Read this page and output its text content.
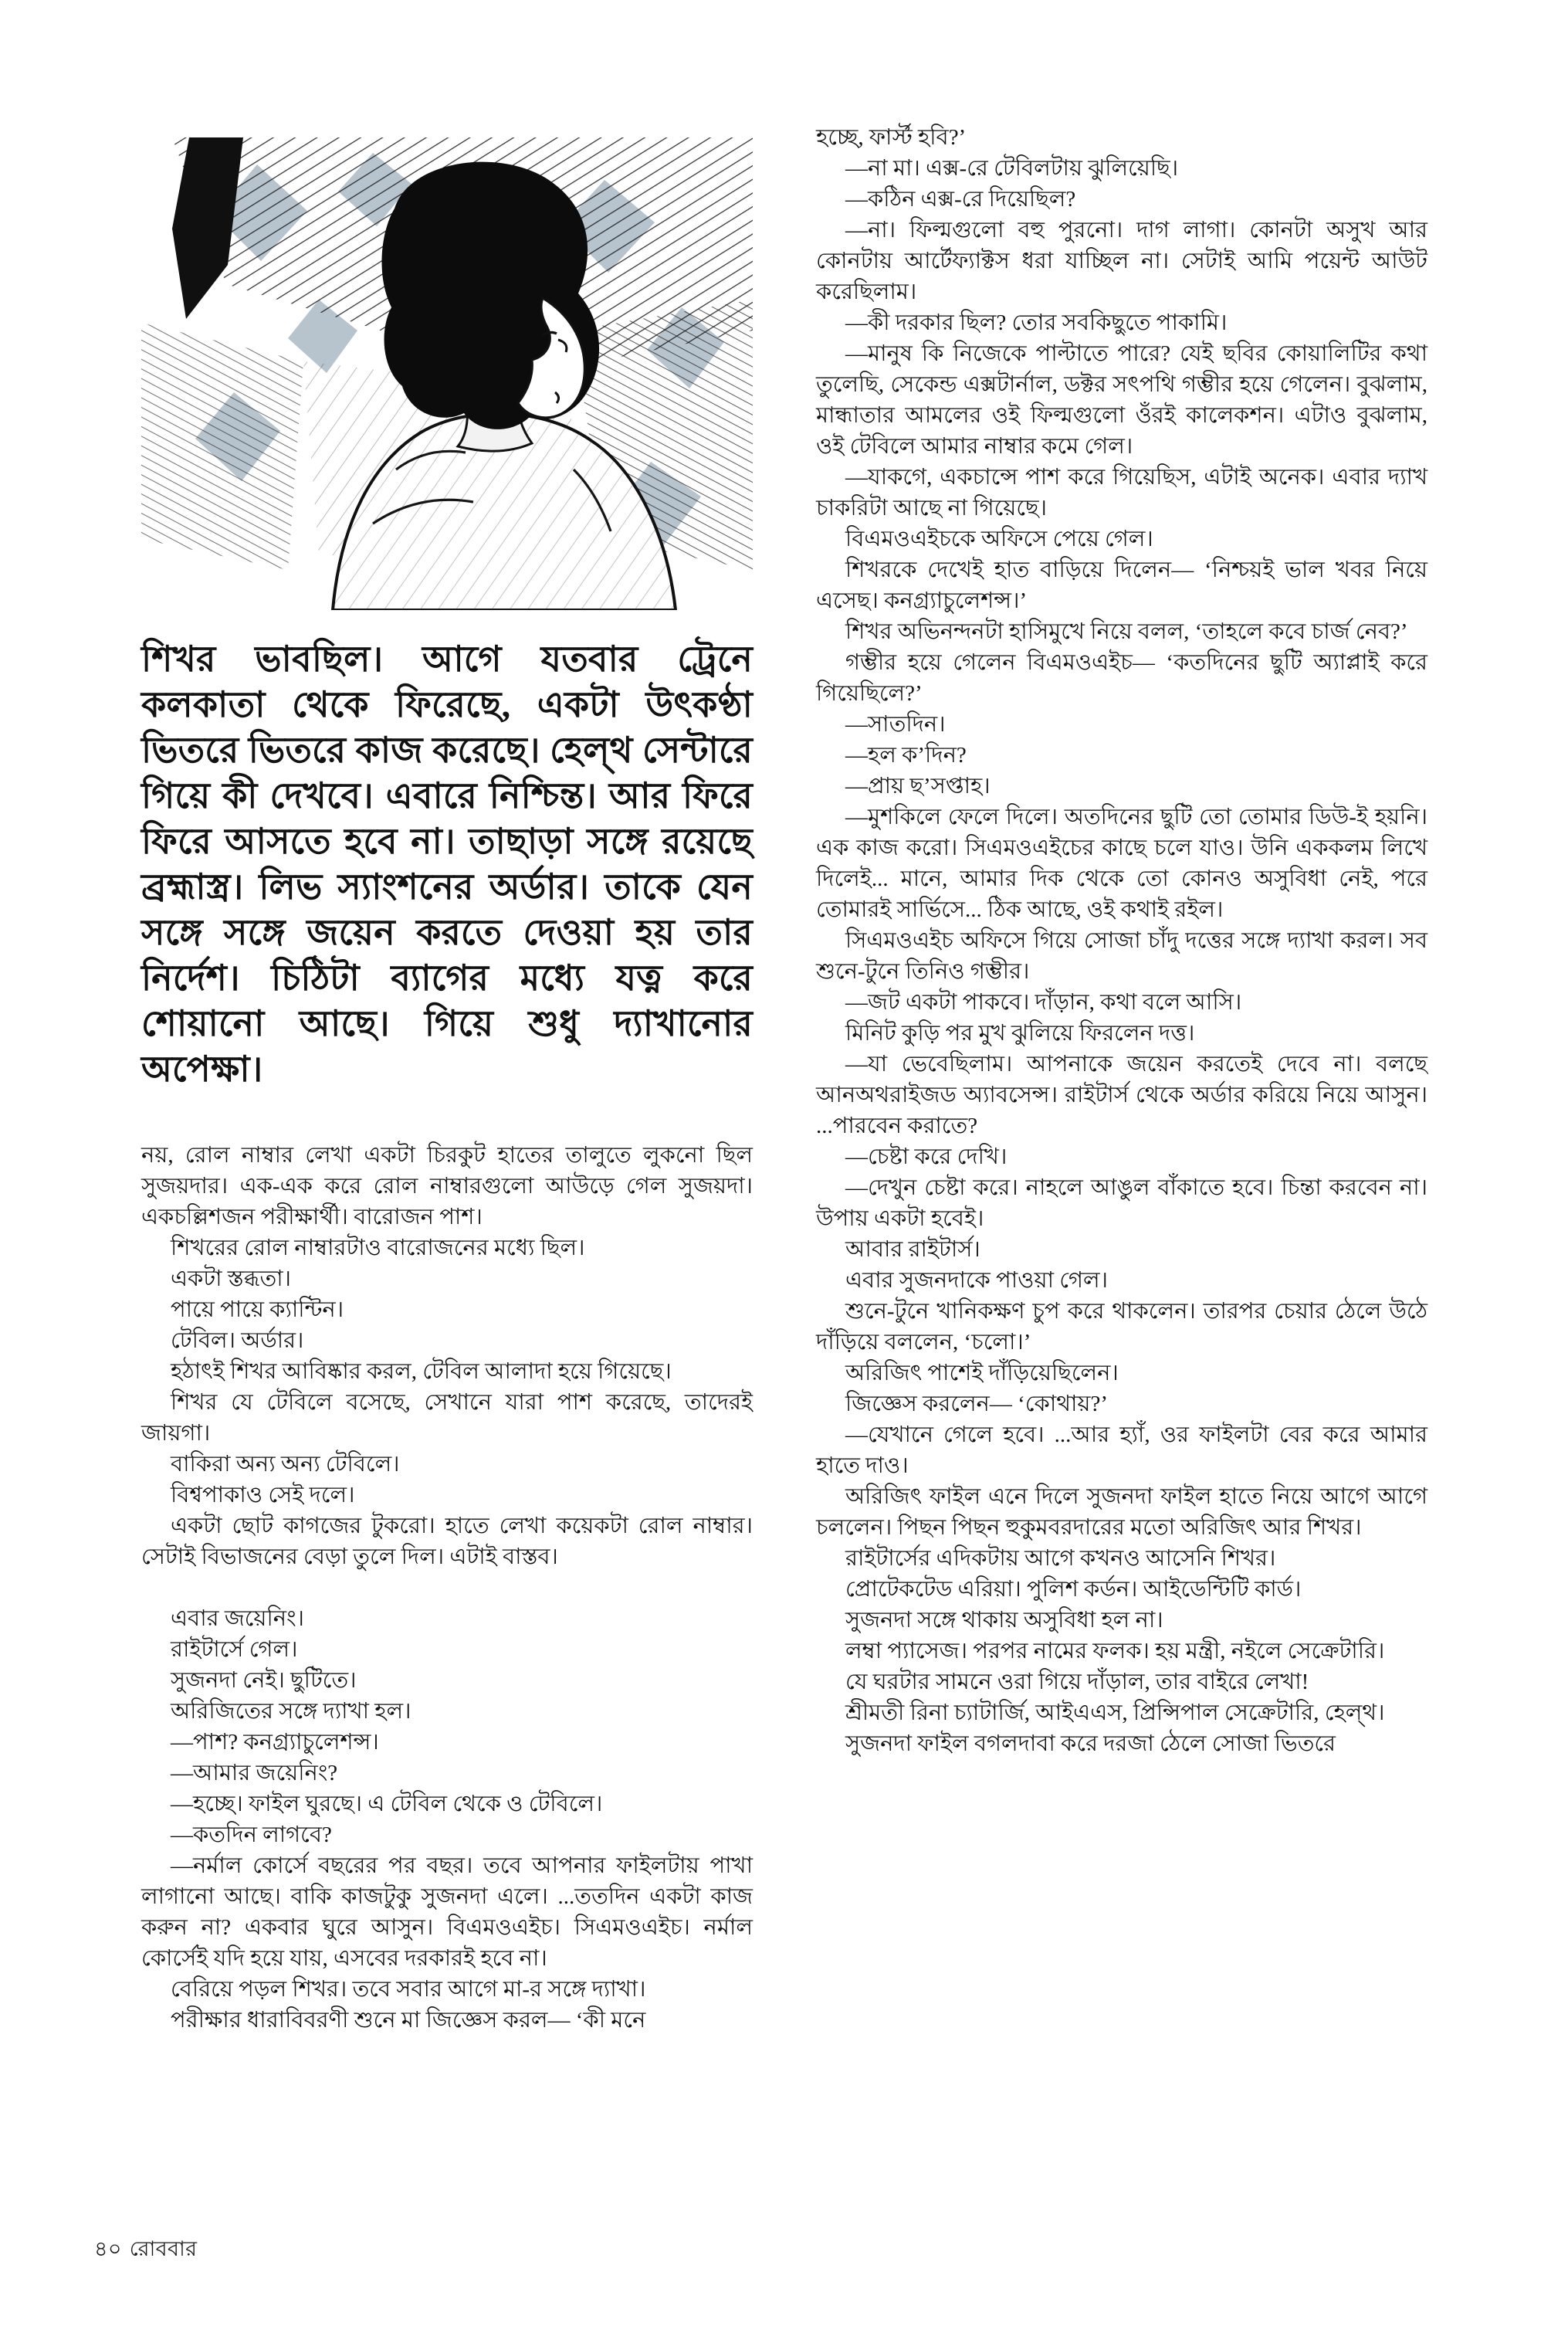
শিখর ভাবছিল। আগে যতবার ট্রেনে কলকাতা থেকে ফিরেছে, একটা উৎকণ্ঠা ভিতরে ভিতরে কাজ করেছে। হেল্থ সেন্টারে গিয়ে কী দেখবে। এবারে নিশ্চিন্ত। আর ফিরে ফিরে আসতে হবে না। তাছাড়া সঙ্গে রয়েছে ব্রহ্মাস্ত্র। লিভ স্যাংশনের অর্ডার। তাকে যেন সঙ্গে সঙ্গে জয়েন করতে দেওয়া হয় তার নির্দেশ। চিঠিটা ব্যাগের মধ্যে যত্ন করে শোয়ানো আছে। গিয়ে শুধু দ্যাখানোর অপেক্ষা।

নয়, রোল নাম্বার লেখা একটা চিরকুট হাতের তালুতে লুকনো ছিল সুজয়দার। এক-এক করে রোল নাম্বারগুলো আউড়ে গেল সুজয়দা। একচল্লিশজন পরীক্ষার্থী। বারোজন পাশ।

শিখরের রোল নাম্বারটাও বারোজনের মধ্যে ছিল।

একটা স্তব্ধতা।

পায়ে পায়ে ক্যান্টিন।

টেবিল। অর্ডার।

হঠাৎই শিখর আবিষ্কার করল, টেবিল আলাদা হয়ে গিয়েছে।

শিখর যে টেবিলে বসেছে, সেখানে যারা পাশ করেছে, তাদেরই জায়গা।

বাকিরা অন্য অন্য টেবিলে।

বিশ্বপাকাও সেই দলে।

একটা ছোট কাগজের টুকরো। হাতে লেখা কয়েকটা রোল নাম্বার। সেটাই বিভাজনের বেড়া তুলে দিল। এটাই বাস্তব।

এবার জয়েনিং।

রাইটার্সে গেল।

সুজনদা নেই। ছুটিতে।

অরিজিতের সঙ্গে দ্যাখা হল।

—পাশ? কনগ্র্যাচুলেশন্স।

—আমার জয়েনিং?

—হচ্ছে। ফাইল ঘুরছে। এ টেবিল থেকে ও টেবিলে।

—কতদিন লাগবে?

—নর্মাল কোর্সে বছরের পর বছর। তবে আপনার ফাইলটায় পাখা লাগানো আছে। বাকি কাজটুকু সুজনদা এলে। ...ততদিন একটা কাজ করুন না? একবার ঘুরে আসুন। বিএমওএইচ। সিএমওএইচ। নর্মাল কোর্সেই যদি হয়ে যায়, এসবের দরকারই হবে না।

বেরিয়ে পড়ল শিখর। তবে সবার আগে মা-র সঙ্গে দ্যাখা।

পরীক্ষার ধারাবিবরণী শুনে মা জিজ্ঞেস করল— ‘কী মনে

হচ্ছে, ফার্স্ট হবি?’

—না মা। এক্স-রে টেবিলটায় ঝুলিয়েছি।

—কঠিন এক্স-রে দিয়েছিল?

—না। ফিল্মগুলো বহু পুরনো। দাগ লাগা। কোনটা অসুখ আর কোনটায় আর্টেফ্যাক্টস ধরা যাচ্ছিল না। সেটাই আমি পয়েন্ট আউট করেছিলাম।

—কী দরকার ছিল? তোর সবকিছুতে পাকামি।

—মানুষ কি নিজেকে পাল্টাতে পারে? যেই ছবির কোয়ালিটির কথা তুলেছি, সেকেন্ড এক্সটার্নাল, ডক্টর সৎপথি গম্ভীর হয়ে গেলেন। বুঝলাম, মান্ধাতার আমলের ওই ফিল্মগুলো ওঁরই কালেকশন। এটাও বুঝলাম, ওই টেবিলে আমার নাম্বার কমে গেল।

—যাকগে, একচান্সে পাশ করে গিয়েছিস, এটাই অনেক। এবার দ্যাখ চাকরিটা আছে না গিয়েছে।

বিএমওএইচকে অফিসে পেয়ে গেল।

শিখরকে দেখেই হাত বাড়িয়ে দিলেন— ‘নিশ্চয়ই ভাল খবর নিয়ে এসেছ। কনগ্র্যাচুলেশন্স।’

শিখর অভিনন্দনটা হাসিমুখে নিয়ে বলল, ‘তাহলে কবে চার্জ নেব?’

গম্ভীর হয়ে গেলেন বিএমওএইচ— ‘কতদিনের ছুটি অ্যাপ্লাই করে গিয়েছিলে?’

—সাতদিন।

—হল ক’দিন?

—প্রায় ছ’সপ্তাহ।

—মুশকিলে ফেলে দিলে। অতদিনের ছুটি তো তোমার ডিউ-ই হয়নি। এক কাজ করো। সিএমওএইচের কাছে চলে যাও। উনি এককলম লিখে দিলেই... মানে, আমার দিক থেকে তো কোনও অসুবিধা নেই, পরে তোমারই সার্ভিসে... ঠিক আছে, ওই কথাই রইল।

সিএমওএইচ অফিসে গিয়ে সোজা চাঁদু দত্তের সঙ্গে দ্যাখা করল। সব শুনে-টুনে তিনিও গম্ভীর।

—জট একটা পাকবে। দাঁড়ান, কথা বলে আসি।

মিনিট কুড়ি পর মুখ ঝুলিয়ে ফিরলেন দত্ত।

—যা ভেবেছিলাম। আপনাকে জয়েন করতেই দেবে না। বলছে আনঅথরাইজড অ্যাবসেন্স। রাইটার্স থেকে অর্ডার করিয়ে নিয়ে আসুন। ...পারবেন করাতে?

—চেষ্টা করে দেখি।

—দেখুন চেষ্টা করে। নাহলে আঙুল বাঁকাতে হবে। চিন্তা করবেন না। উপায় একটা হবেই।

আবার রাইটার্স।

এবার সুজনদাকে পাওয়া গেল।

শুনে-টুনে খানিকক্ষণ চুপ করে থাকলেন। তারপর চেয়ার ঠেলে উঠে দাঁড়িয়ে বললেন, ‘চলো।’

অরিজিৎ পাশেই দাঁড়িয়েছিলেন।

জিজ্ঞেস করলেন— ‘কোথায়?’

—যেখানে গেলে হবে। ...আর হ্যাঁ, ওর ফাইলটা বের করে আমার হাতে দাও।

অরিজিৎ ফাইল এনে দিলে সুজনদা ফাইল হাতে নিয়ে আগে আগে চললেন। পিছন পিছন হুকুমবরদারের মতো অরিজিৎ আর শিখর।

রাইটার্সের এদিকটায় আগে কখনও আসেনি শিখর।

প্রোটেকটেড এরিয়া। পুলিশ কর্ডন। আইডেন্টিটি কার্ড।

সুজনদা সঙ্গে থাকায় অসুবিধা হল না।

লম্বা প্যাসেজ। পরপর নামের ফলক। হয় মন্ত্রী, নইলে সেক্রেটারি।

যে ঘরটার সামনে ওরা গিয়ে দাঁড়াল, তার বাইরে লেখা!

শ্রীমতী রিনা চ্যাটার্জি, আইএএস, প্রিন্সিপাল সেক্রেটারি, হেল্থ।

সুজনদা ফাইল বগলদাবা করে দরজা ঠেলে সোজা ভিতরে

৪০ রোববার
